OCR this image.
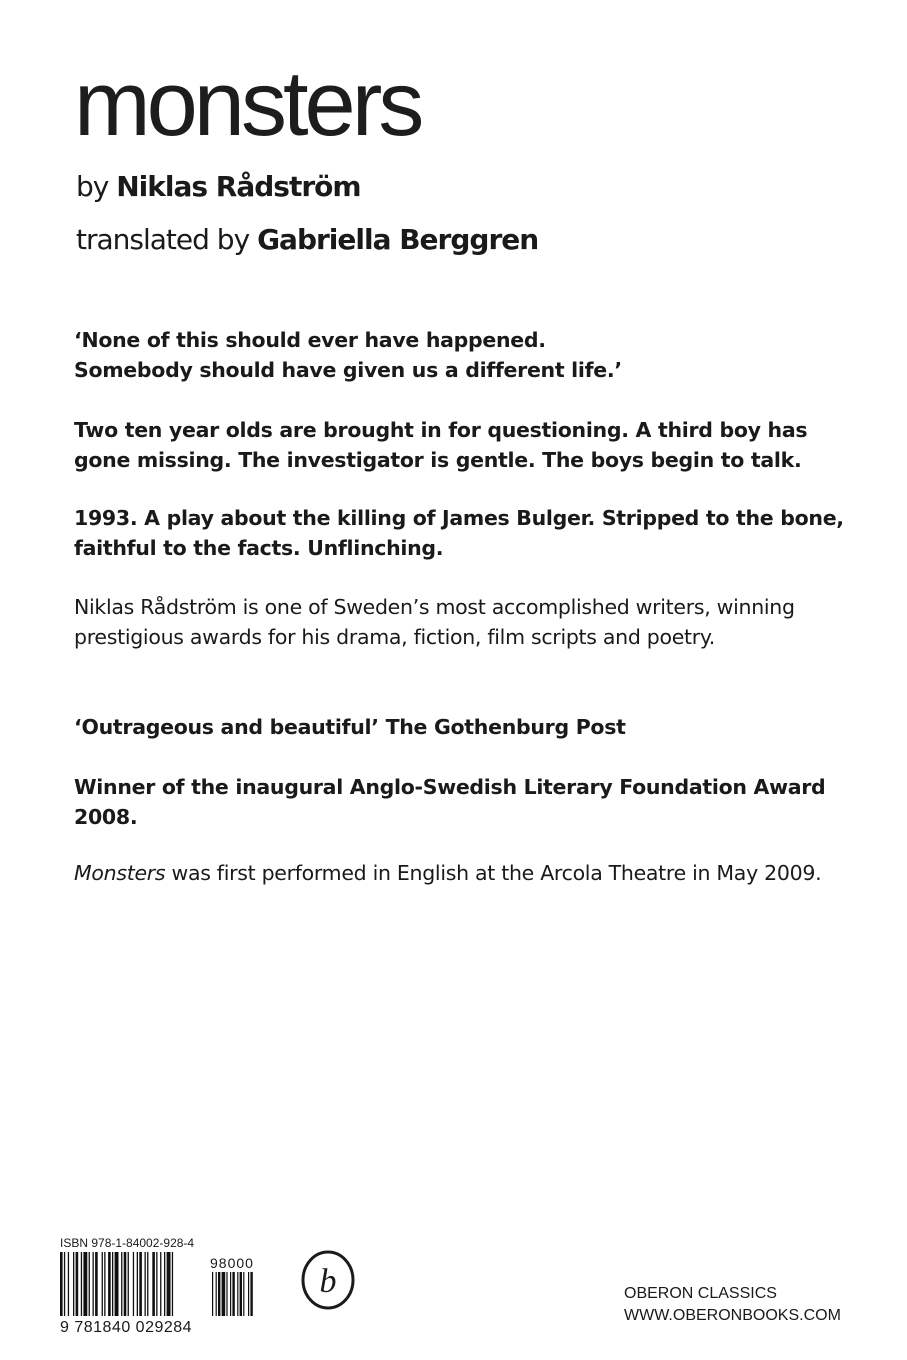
monsters
by Niklas Rådström
translated by Gabriella Berggren

‘None of this should ever have happened.

Somebody should have given us a different life.’

Two ten year olds are brought in for questioning. A third boy has gone missing. The investigator is gentle. The boys begin to talk.

1993. A play about the killing of James Bulger. Stripped to the bone, faithful to the facts. Unflinching.

Niklas Rådström is one of Sweden’s most accomplished writers, winning prestigious awards for his drama, fiction, film scripts and poetry.

‘Outrageous and beautiful’ The Gothenburg Post

Winner of the inaugural Anglo-Swedish Literary Foundation Award 2008.

Monsters was first performed in English at the Arcola Theatre in May 2009.

ISBN 978-1-84002-928-4
98000
9 781840 029284
b	OBERON CLASSICS
WWW.OBERONBOOKS.COM
